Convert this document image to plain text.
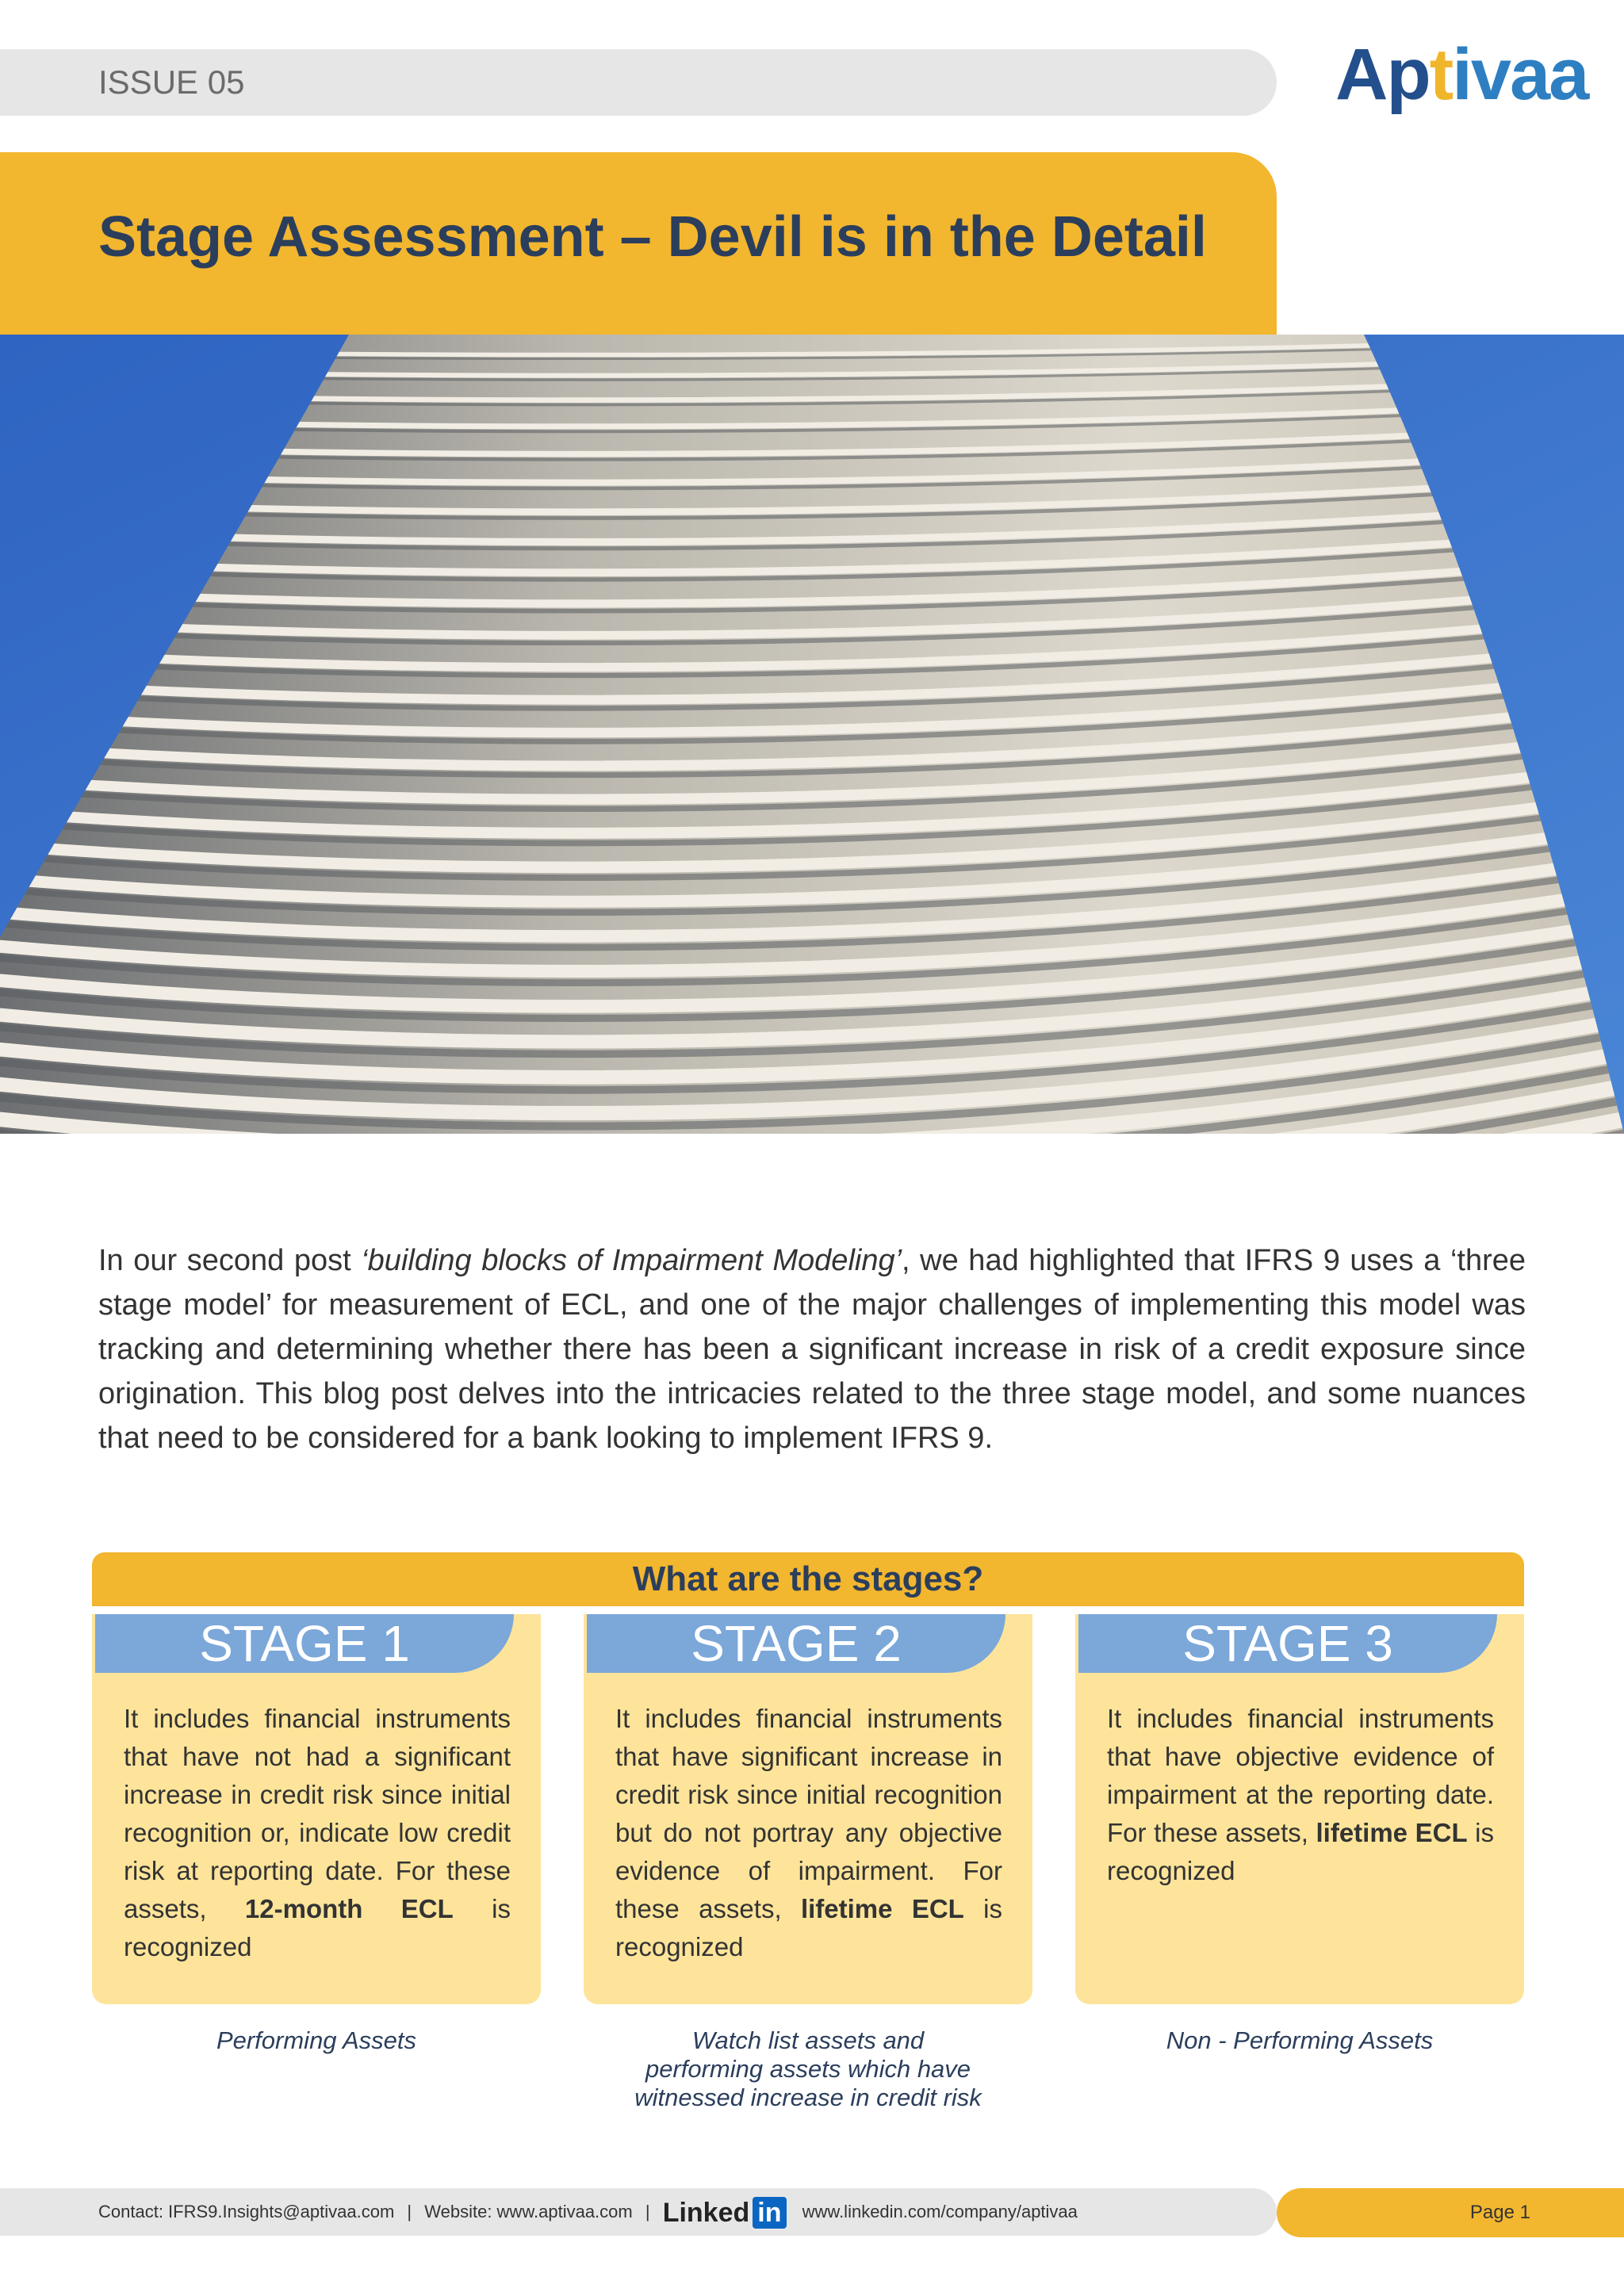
ISSUE 05	Aptivaa
Stage Assessment – Devil is in the Detail

In our second post ‘building blocks of Impairment Modeling’, we had highlighted that IFRS 9 uses a ‘three stage model’ for measurement of ECL, and one of the major challenges of implementing this model was tracking and determining whether there has been a significant increase in risk of a credit exposure since origination. This blog post delves into the intricacies related to the three stage model, and some nuances that need to be considered for a bank looking to implement IFRS 9.

What are the stages?
STAGE 1

It includes financial instruments that have not had a significant increase in credit risk since initial recognition or, indicate low credit risk at reporting date. For these assets, 12-month ECL is recognized

STAGE 2

It includes financial instruments that have significant increase in credit risk since initial recognition but do not portray any objective evidence of impairment. For these assets, lifetime ECL is recognized

STAGE 3

It includes financial instruments that have objective evidence of impairment at the reporting date. For these assets, lifetime ECL is recognized

Performing Assets	Watch list assets and performing assets which have witnessed increase in credit risk

Non - Performing Assets

Contact: IFRS9.Insights@aptivaa.com | Website: www.aptivaa.com | Linked in www.linkedin.com/company/aptivaa	Page 1
